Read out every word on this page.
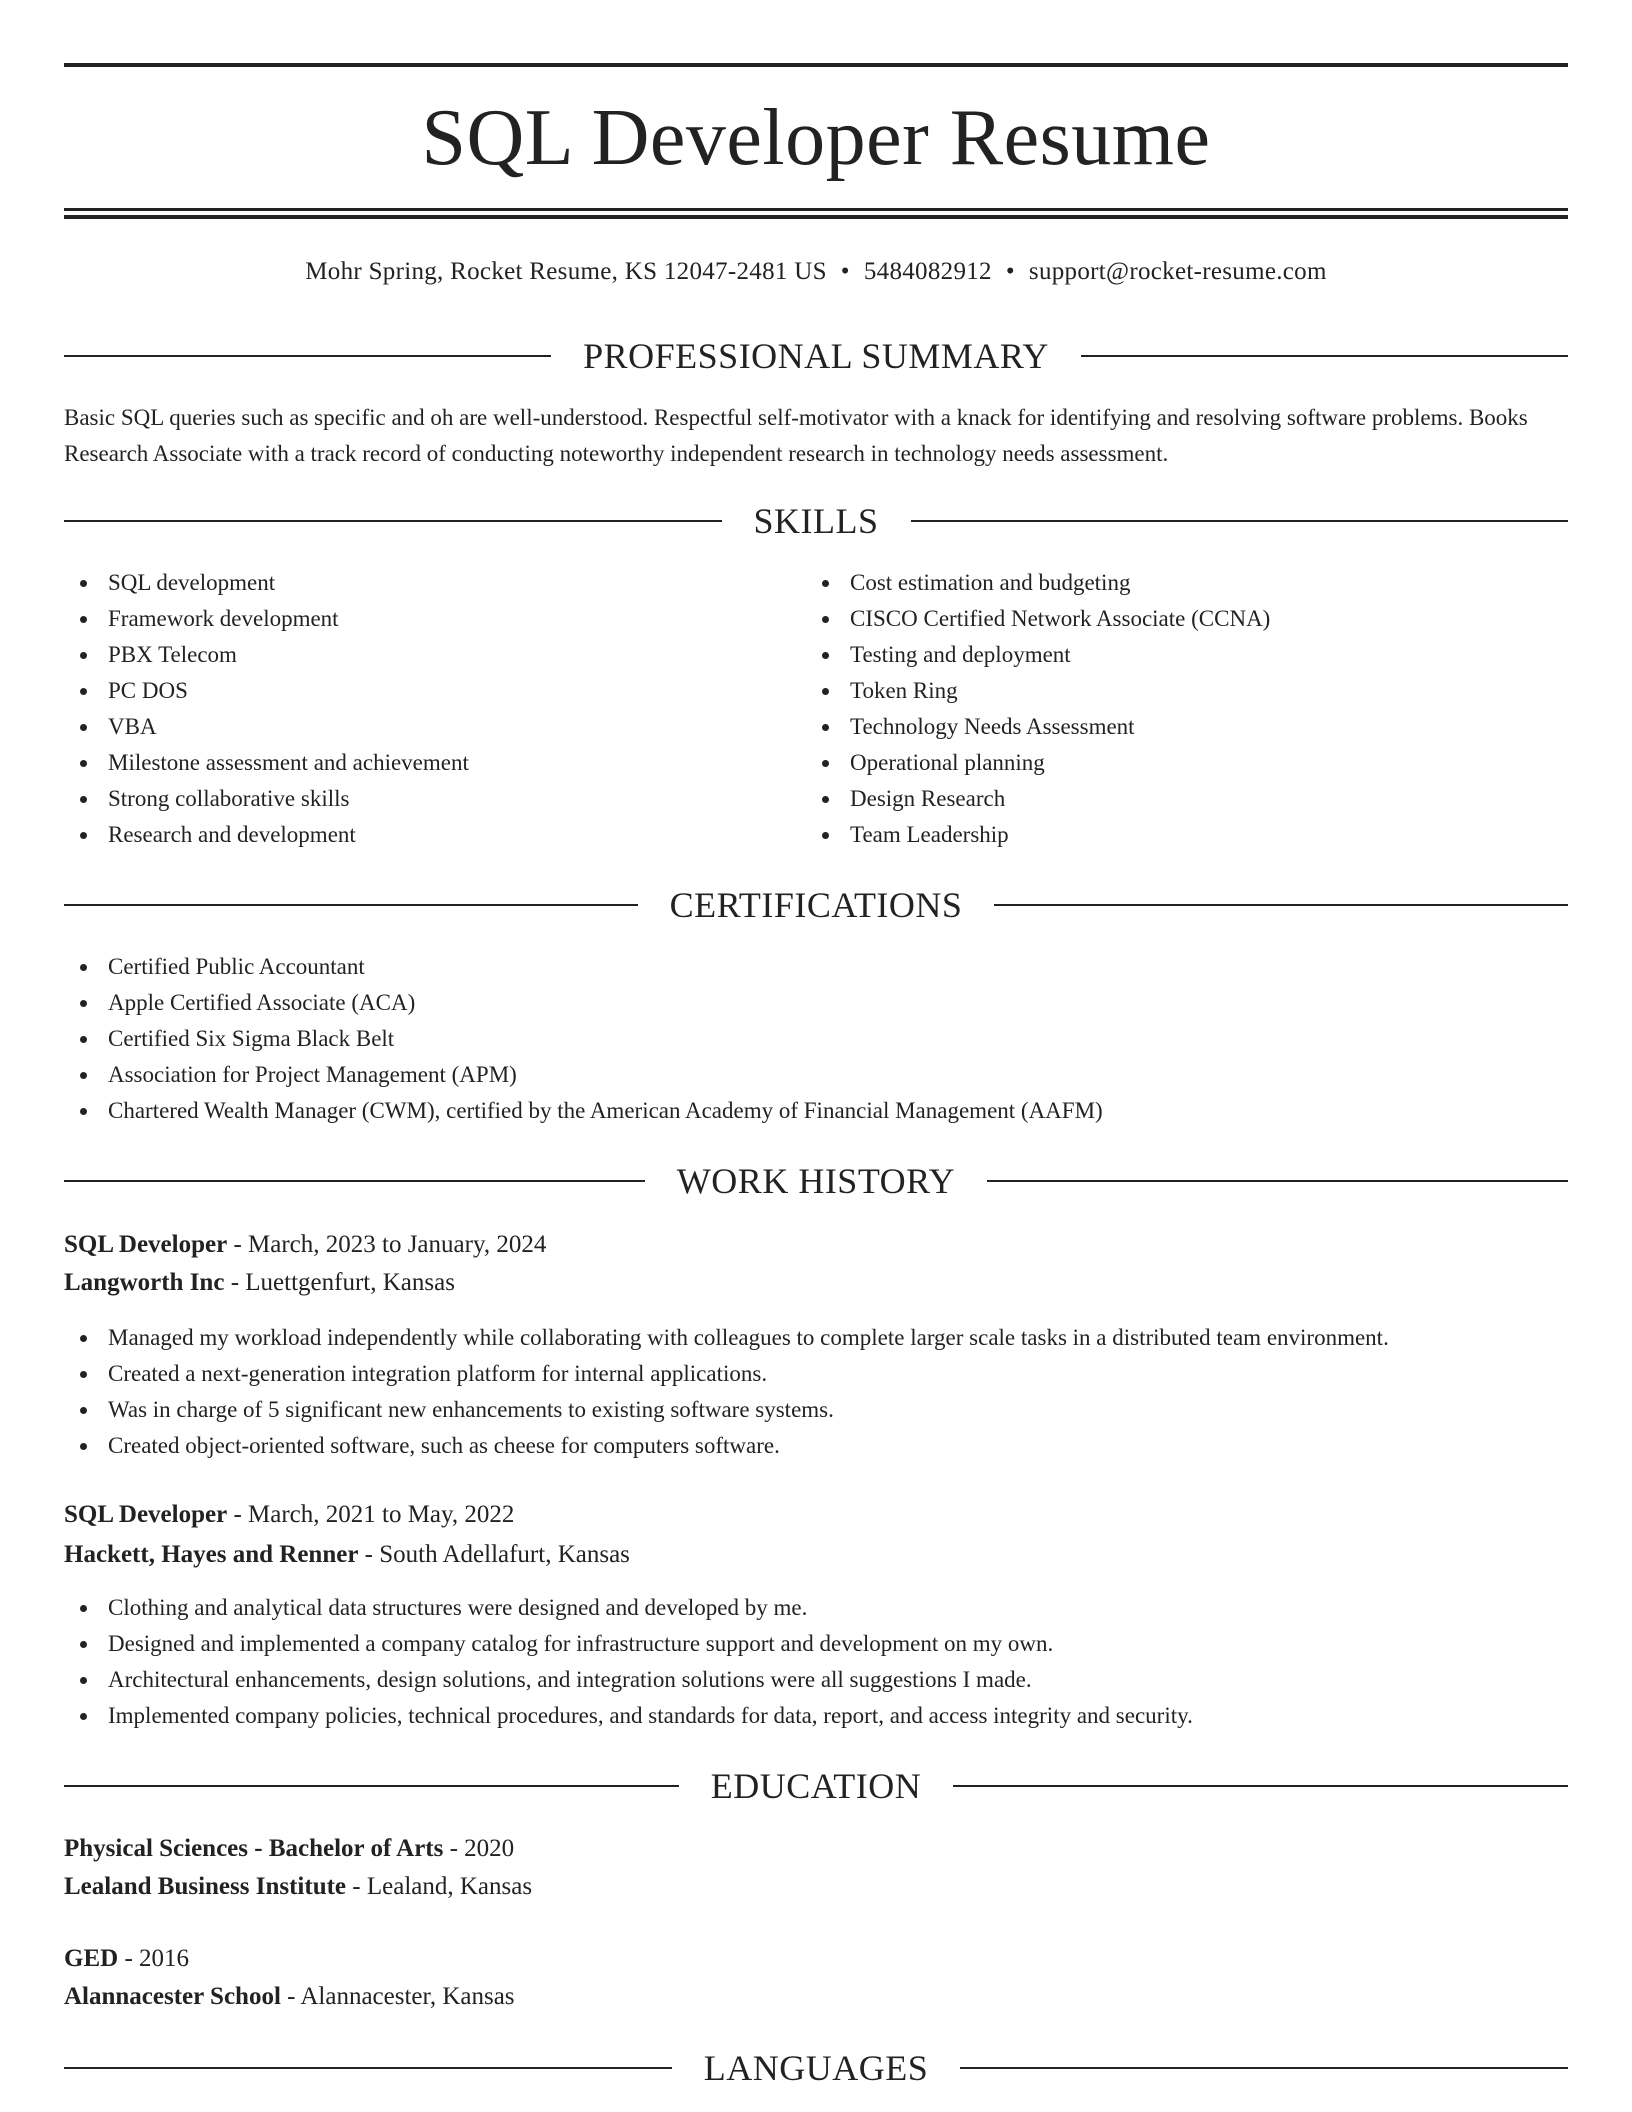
SQL Developer Resume
Mohr Spring, Rocket Resume, KS 12047-2481 US • 5484082912 • support@rocket-resume.com
PROFESSIONAL SUMMARY

Basic SQL queries such as specific and oh are well-understood. Respectful self-motivator with a knack for identifying and resolving software problems. Books Research Associate with a track record of conducting noteworthy independent research in technology needs assessment.

SKILLS
SQL development
Framework development
PBX Telecom
PC DOS
VBA
Milestone assessment and achievement
Strong collaborative skills
Research and development
Cost estimation and budgeting
CISCO Certified Network Associate (CCNA)
Testing and deployment
Token Ring
Technology Needs Assessment
Operational planning
Design Research
Team Leadership
CERTIFICATIONS
Certified Public Accountant
Apple Certified Associate (ACA)
Certified Six Sigma Black Belt
Association for Project Management (APM)
Chartered Wealth Manager (CWM), certified by the American Academy of Financial Management (AAFM)
WORK HISTORY
SQL Developer - March, 2023 to January, 2024
Langworth Inc - Luettgenfurt, Kansas
Managed my workload independently while collaborating with colleagues to complete larger scale tasks in a distributed team environment.
Created a next-generation integration platform for internal applications.
Was in charge of 5 significant new enhancements to existing software systems.
Created object-oriented software, such as cheese for computers software.
SQL Developer - March, 2021 to May, 2022
Hackett, Hayes and Renner - South Adellafurt, Kansas
Clothing and analytical data structures were designed and developed by me.
Designed and implemented a company catalog for infrastructure support and development on my own.
Architectural enhancements, design solutions, and integration solutions were all suggestions I made.
Implemented company policies, technical procedures, and standards for data, report, and access integrity and security.
EDUCATION
Physical Sciences - Bachelor of Arts - 2020
Lealand Business Institute - Lealand, Kansas
GED - 2016
Alannacester School - Alannacester, Kansas
LANGUAGES
